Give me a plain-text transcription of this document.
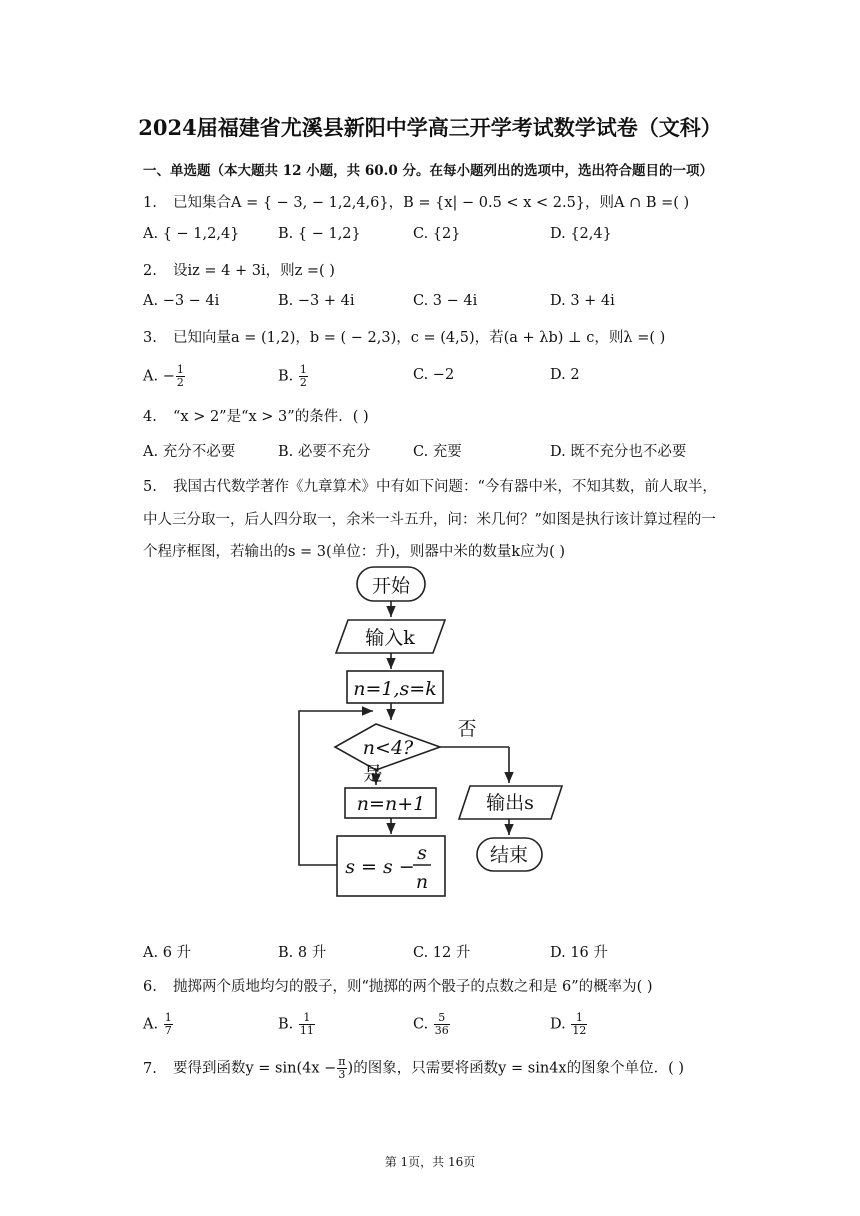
2024届福建省尤溪县新阳中学高三开学考试数学试卷（文科）
一、单选题（本大题共 12 小题，共 60.0 分。在每小题列出的选项中，选出符合题目的一项）
1. 已知集合A = { − 3, − 1,2,4,6}，B = {x| − 0.5 < x < 2.5}，则A ∩ B =( )
A. { − 1,2,4}	B. { − 1,2}	C. {2}	D. {2,4}
2. 设iz = 4 + 3i，则z =( )
A. −3 − 4i	B. −3 + 4i	C. 3 − 4i	D. 3 + 4i
3. 已知向量a = (1,2)，b = ( − 2,3)，c = (4,5)，若(a + λb) ⊥ c，则λ =( )
A. − $\frac{1}{2}$	B. $\frac{1}{2}$	C. −2	D. 2
4. “x > 2”是“x > 3”的条件．( )
A. 充分不必要	B. 必要不充分	C. 充要	D. 既不充分也不必要
5. 我国古代数学著作《九章算术》中有如下问题：“今有器中米，不知其数，前人取半，
中人三分取一，后人四分取一，余米一斗五升，问：米几何？”如图是执行该计算过程的一
个程序框图，若输出的s = 3(单位：升)，则器中米的数量k应为( )
开始
输入k
n=1,s=k
n<4?
否
是
n=n+1
s = s −
s
n
输出s
结束
A. 6 升	B. 8 升	C. 12 升	D. 16 升
6. 抛掷两个质地均匀的骰子，则“抛掷的两个骰子的点数之和是 6”的概率为( )
A. $\frac{1}{7}$	B. $\frac{1}{11}$	C. $\frac{5}{36}$	D. $\frac{1}{12}$
7. 要得到函数$y = \sin(4x - \frac{\pi}{3}$ )的图象，只需要将函数y = sin4x的图象个单位．( )
第 1页，共 16页
